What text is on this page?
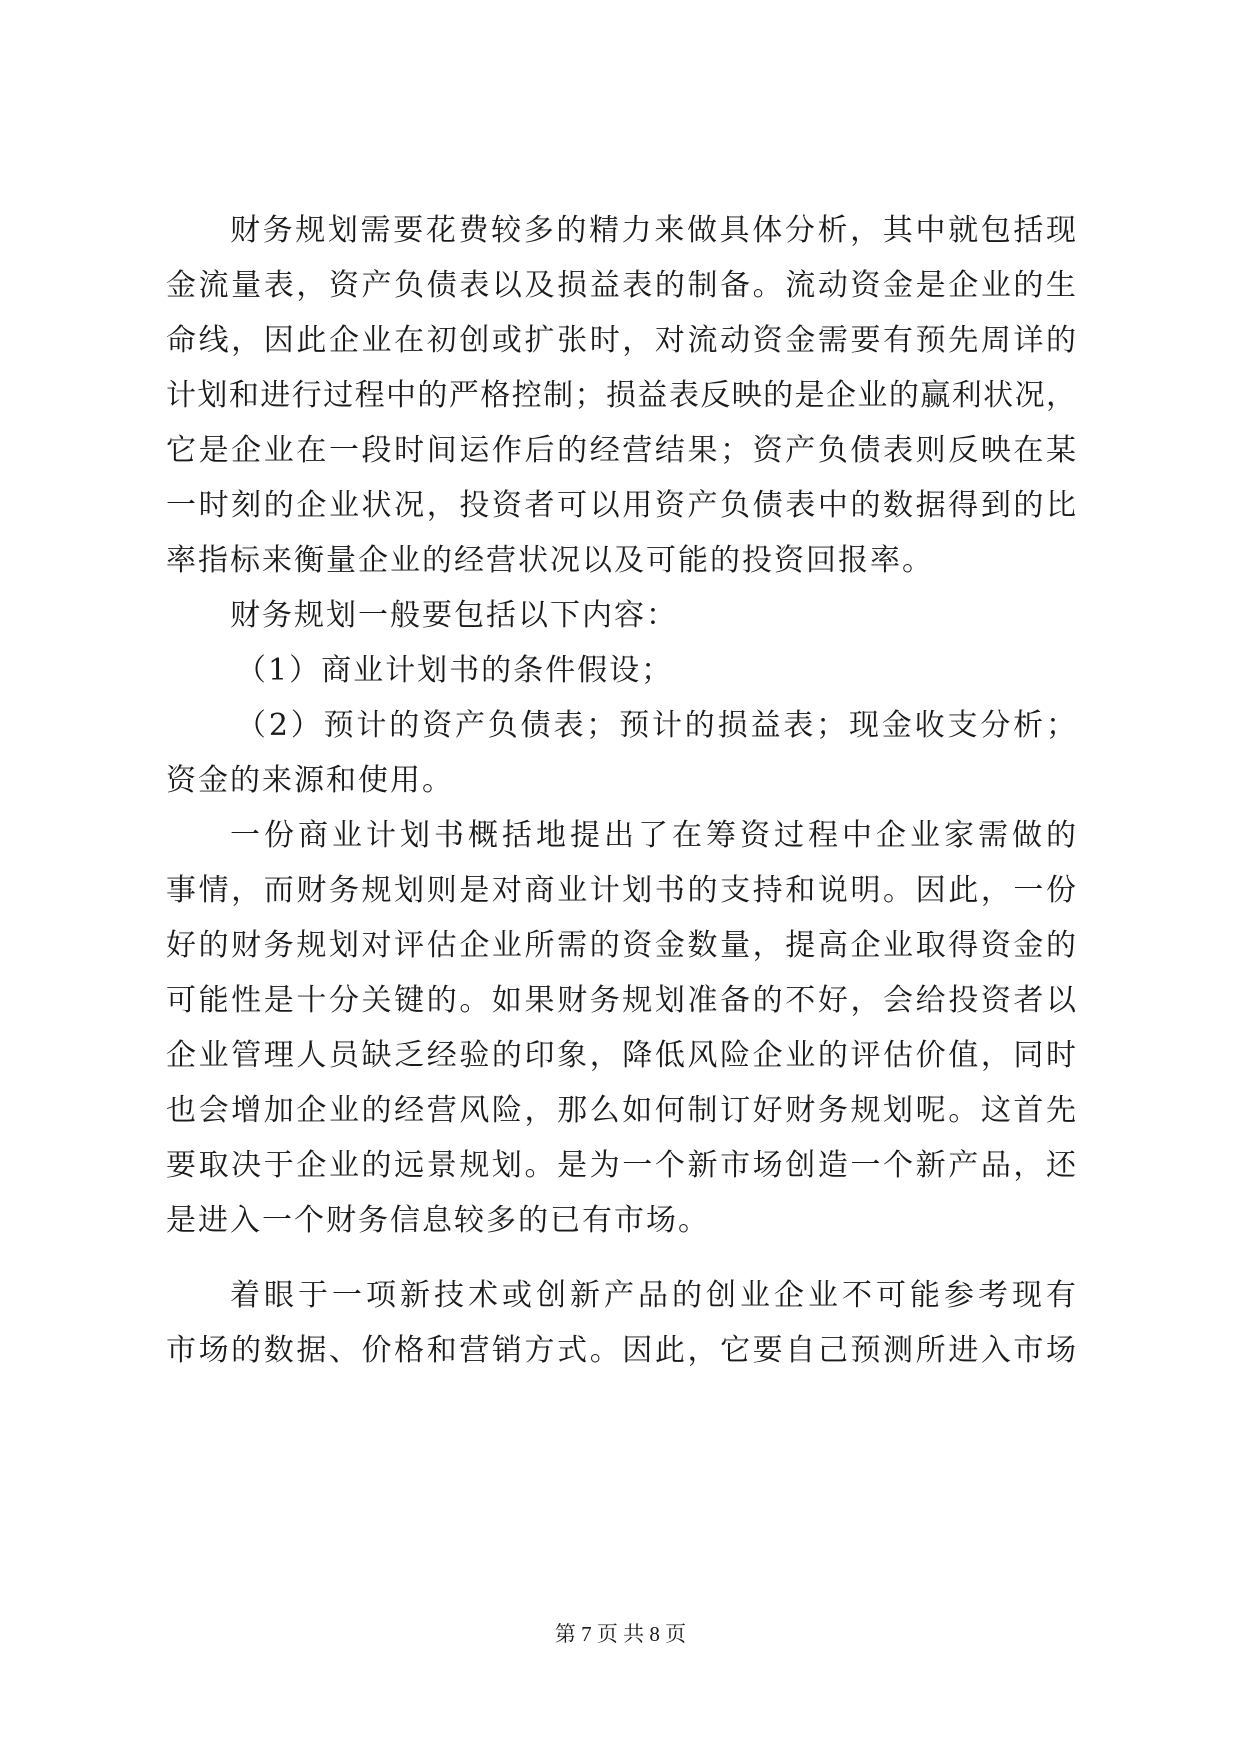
财务规划需要花费较多的精力来做具体分析，其中就包括现
金流量表，资产负债表以及损益表的制备。流动资金是企业的生
命线，因此企业在初创或扩张时，对流动资金需要有预先周详的
计划和进行过程中的严格控制；损益表反映的是企业的赢利状况，
它是企业在一段时间运作后的经营结果；资产负债表则反映在某
一时刻的企业状况，投资者可以用资产负债表中的数据得到的比
率指标来衡量企业的经营状况以及可能的投资回报率。
财务规划一般要包括以下内容：
（1）商业计划书的条件假设；
（2）预计的资产负债表；预计的损益表；现金收支分析；
资金的来源和使用。
一份商业计划书概括地提出了在筹资过程中企业家需做的
事情，而财务规划则是对商业计划书的支持和说明。因此，一份
好的财务规划对评估企业所需的资金数量，提高企业取得资金的
可能性是十分关键的。如果财务规划准备的不好，会给投资者以
企业管理人员缺乏经验的印象，降低风险企业的评估价值，同时
也会增加企业的经营风险，那么如何制订好财务规划呢。这首先
要取决于企业的远景规划。是为一个新市场创造一个新产品，还
是进入一个财务信息较多的已有市场。
着眼于一项新技术或创新产品的创业企业不可能参考现有
市场的数据、价格和营销方式。因此，它要自己预测所进入市场
第 7 页 共 8 页
